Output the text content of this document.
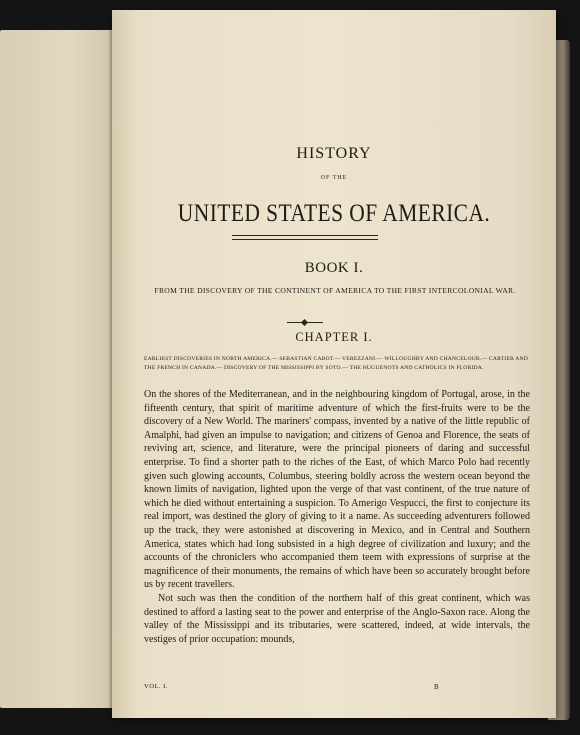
HISTORY
OF THE
UNITED STATES OF AMERICA.
BOOK I.
FROM THE DISCOVERY OF THE CONTINENT OF AMERICA TO THE FIRST INTERCOLONIAL WAR.
CHAPTER I.
EARLIEST DISCOVERIES IN NORTH AMERICA.— SEBASTIAN CABOT.— VEREZZANI.— WILLOUGHBY AND CHANCELOUR.— CARTIER AND THE FRENCH IN CANADA.— DISCOVERY OF THE MISSISSIPPI BY SOTO.— THE HUGUENOTS AND CATHOLICS IN FLORIDA.

On the shores of the Mediterranean, and in the neighbouring kingdom of Portugal, arose, in the fifteenth century, that spirit of maritime adventure of which the first-fruits were to be the discovery of a New World. The mariners' compass, invented by a native of the little republic of Amalphi, had given an impulse to navigation; and citizens of Genoa and Florence, the seats of reviving art, science, and literature, were the principal pioneers of daring and successful enterprise. To find a shorter path to the riches of the East, of which Marco Polo had recently given such glowing accounts, Columbus, steering boldly across the western ocean beyond the known limits of navigation, lighted upon the verge of that vast continent, of the true nature of which he died without entertaining a suspicion. To Amerigo Vespucci, the first to conjecture its real import, was destined the glory of giving to it a name. As succeeding adventurers followed up the track, they were astonished at discovering in Mexico, and in Central and Southern America, states which had long subsisted in a high degree of civilization and luxury; and the accounts of the chroniclers who accompanied them teem with expressions of surprise at the magnificence of their monuments, the remains of which have been so accurately brought before us by recent travellers.

Not such was then the condition of the northern half of this great continent, which was destined to afford a lasting seat to the power and enterprise of the Anglo-Saxon race. Along the valley of the Mississippi and its tributaries, were scattered, indeed, at wide intervals, the vestiges of prior occupation: mounds,

VOL. I.	B
